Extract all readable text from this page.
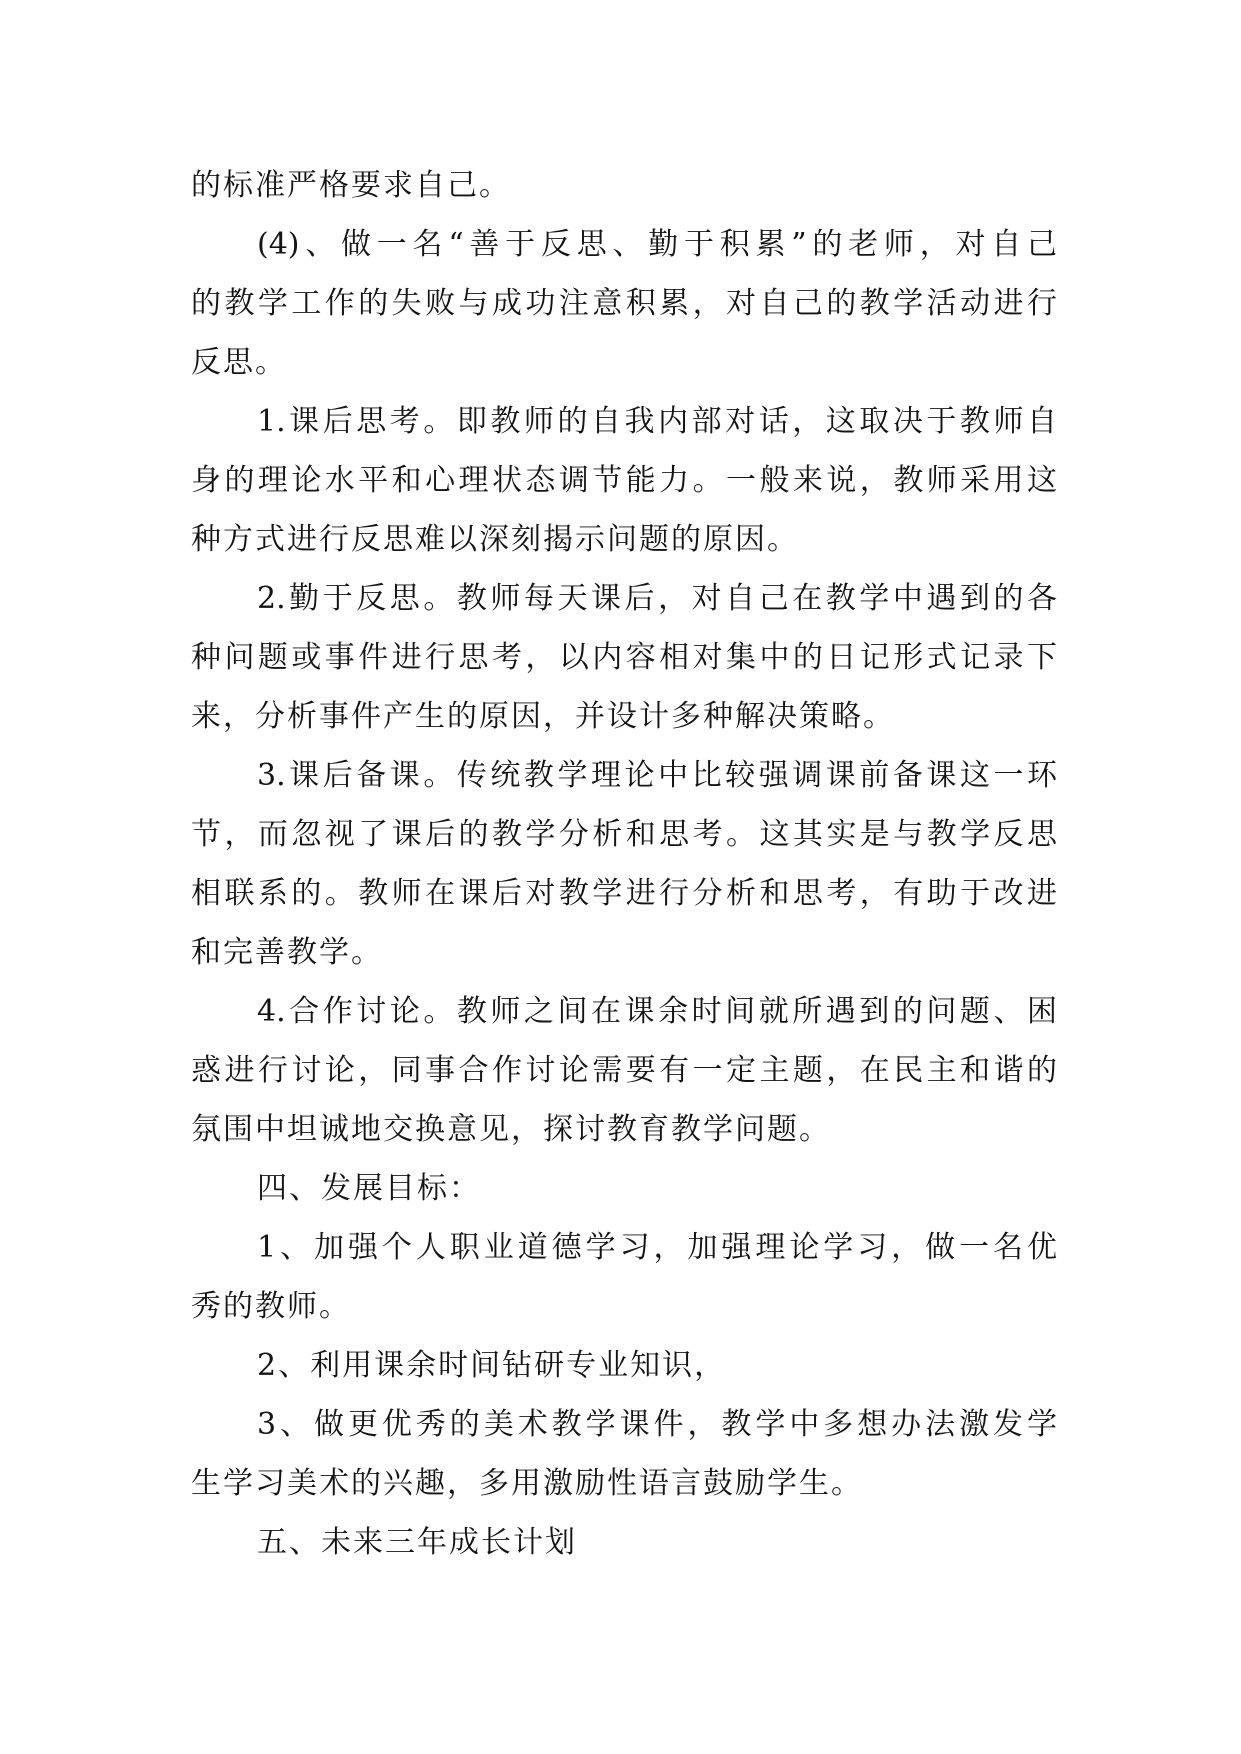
的标准严格要求自己。
(4)、做一名“善于反思、勤于积累”的老师，对自己
的教学工作的失败与成功注意积累，对自己的教学活动进行
反思。
1.课后思考。即教师的自我内部对话，这取决于教师自
身的理论水平和心理状态调节能力。一般来说，教师采用这
种方式进行反思难以深刻揭示问题的原因。
2.勤于反思。教师每天课后，对自己在教学中遇到的各
种问题或事件进行思考，以内容相对集中的日记形式记录下
来，分析事件产生的原因，并设计多种解决策略。
3.课后备课。传统教学理论中比较强调课前备课这一环
节，而忽视了课后的教学分析和思考。这其实是与教学反思
相联系的。教师在课后对教学进行分析和思考，有助于改进
和完善教学。
4.合作讨论。教师之间在课余时间就所遇到的问题、困
惑进行讨论，同事合作讨论需要有一定主题，在民主和谐的
氛围中坦诚地交换意见，探讨教育教学问题。
四、发展目标：
1、加强个人职业道德学习，加强理论学习，做一名优
秀的教师。
2、利用课余时间钻研专业知识，
3、做更优秀的美术教学课件，教学中多想办法激发学
生学习美术的兴趣，多用激励性语言鼓励学生。
五、未来三年成长计划
